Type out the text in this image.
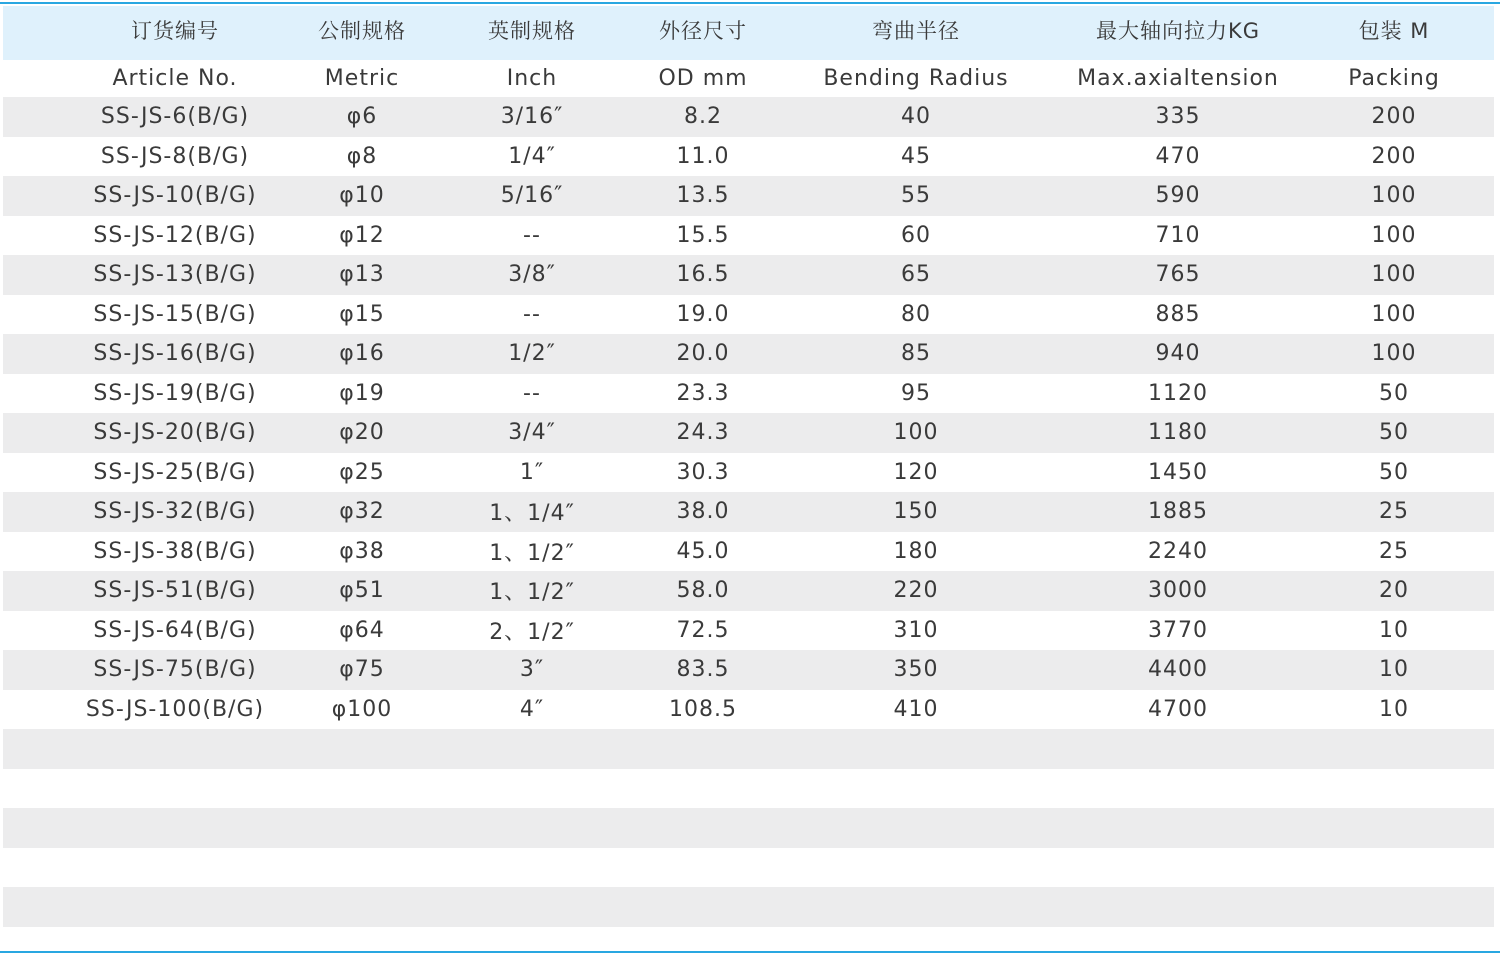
订货编号	公制规格	英制规格	外径尺寸	弯曲半径	最大轴向拉力KG	包装 M
Article No.	Metric	Inch	OD mm	Bending Radius	Max.axialtension	Packing
SS-JS-6(B/G)	φ6	3/16″	8.2	40	335	200
SS-JS-8(B/G)	φ8	1/4″	11.0	45	470	200
SS-JS-10(B/G)	φ10	5/16″	13.5	55	590	100
SS-JS-12(B/G)	φ12	--	15.5	60	710	100
SS-JS-13(B/G)	φ13	3/8″	16.5	65	765	100
SS-JS-15(B/G)	φ15	--	19.0	80	885	100
SS-JS-16(B/G)	φ16	1/2″	20.0	85	940	100
SS-JS-19(B/G)	φ19	--	23.3	95	1120	50
SS-JS-20(B/G)	φ20	3/4″	24.3	100	1180	50
SS-JS-25(B/G)	φ25	1″	30.3	120	1450	50
SS-JS-32(B/G)	φ32	1、1/4″	38.0	150	1885	25
SS-JS-38(B/G)	φ38	1、1/2″	45.0	180	2240	25
SS-JS-51(B/G)	φ51	1、1/2″	58.0	220	3000	20
SS-JS-64(B/G)	φ64	2、1/2″	72.5	310	3770	10
SS-JS-75(B/G)	φ75	3″	83.5	350	4400	10
SS-JS-100(B/G)	φ100	4″	108.5	410	4700	10
